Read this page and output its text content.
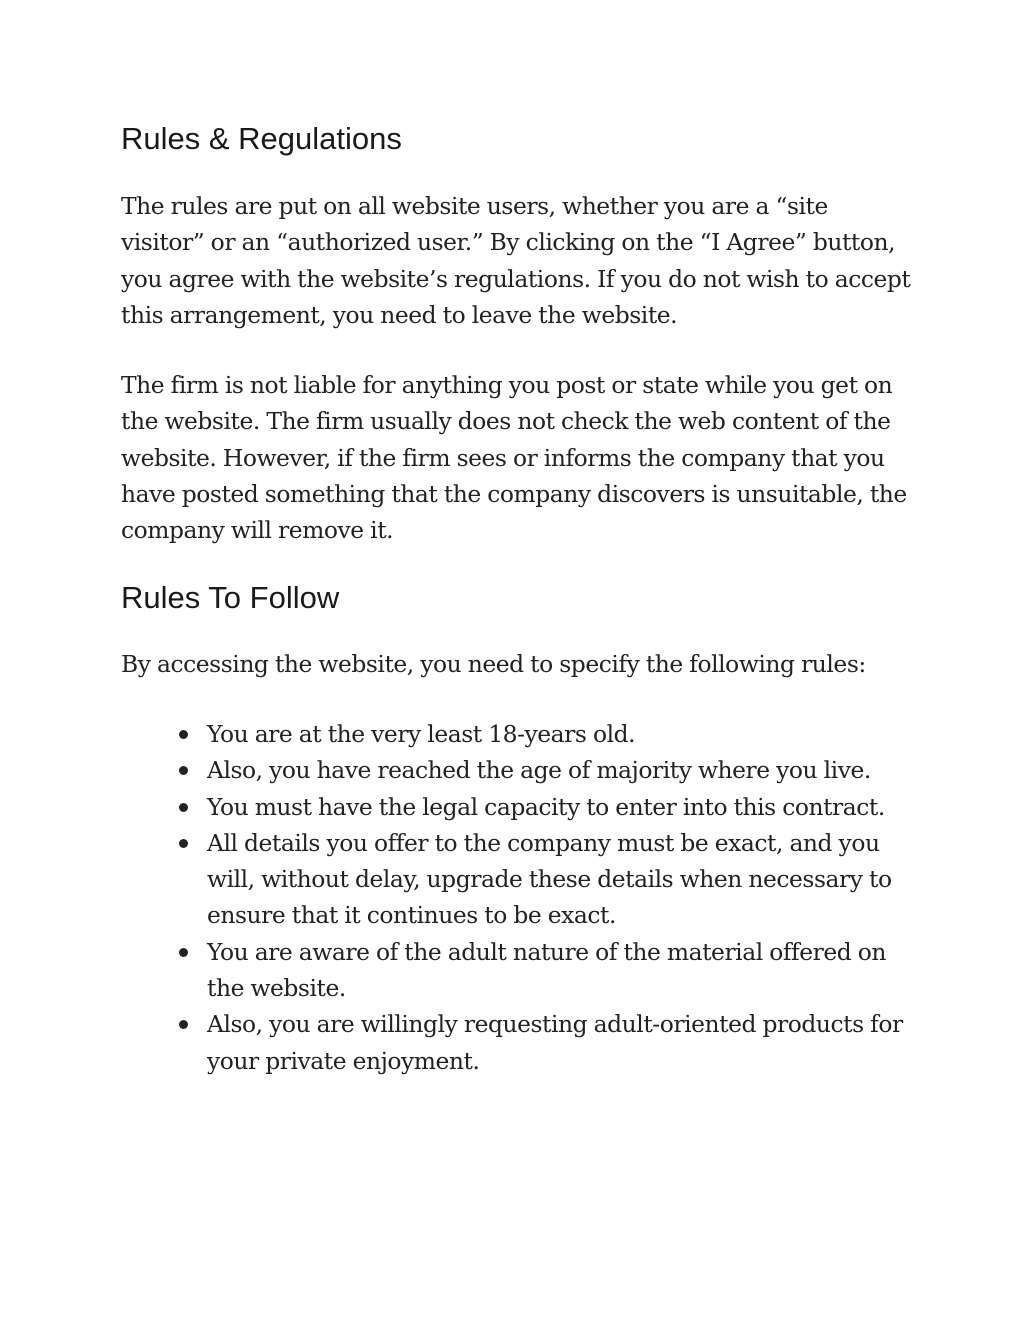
Rules & Regulations

The rules are put on all website users, whether you are a “site visitor” or an “authorized user.” By clicking on the “I Agree” button, you agree with the website’s regulations. If you do not wish to accept this arrangement, you need to leave the website.

The firm is not liable for anything you post or state while you get on the website. The firm usually does not check the web content of the website. However, if the firm sees or informs the company that you have posted something that the company discovers is unsuitable, the company will remove it.

Rules To Follow

By accessing the website, you need to specify the following rules:

You are at the very least 18-years old.
Also, you have reached the age of majority where you live.
You must have the legal capacity to enter into this contract.
All details you offer to the company must be exact, and you will, without delay, upgrade these details when necessary to ensure that it continues to be exact.
You are aware of the adult nature of the material offered on the website.
Also, you are willingly requesting adult-oriented products for your private enjoyment.
